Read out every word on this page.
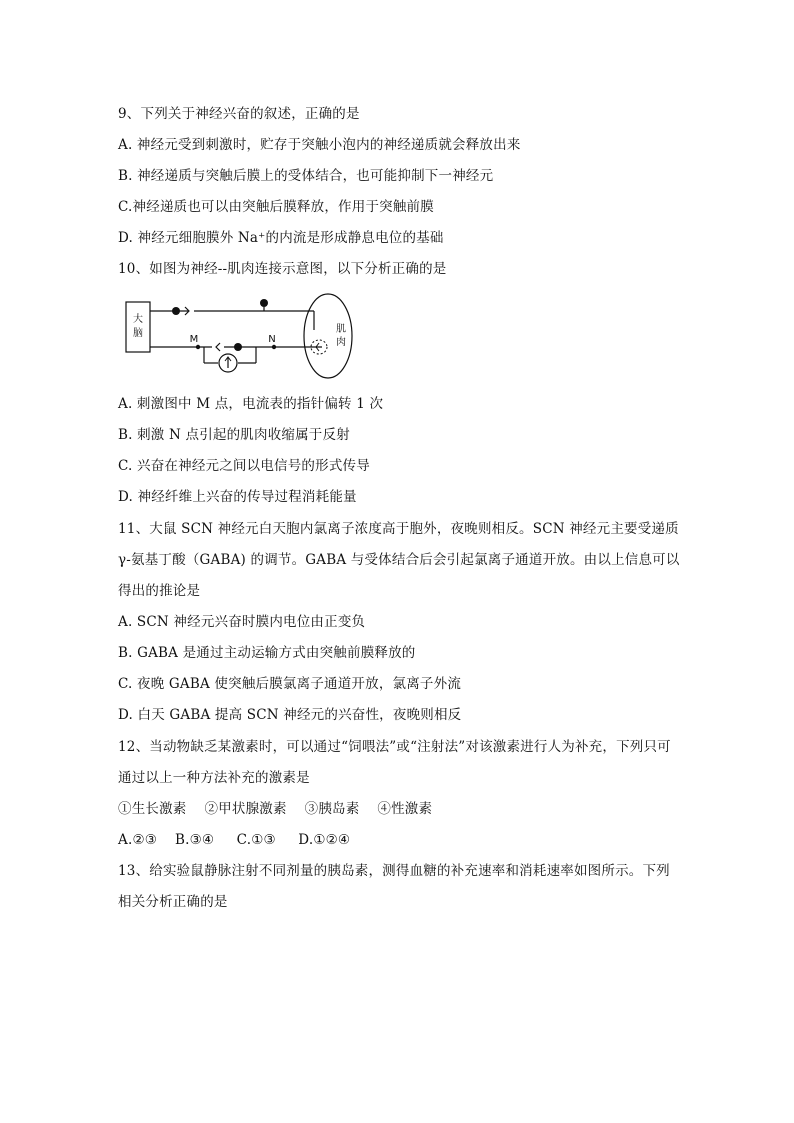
9、下列关于神经兴奋的叙述，正确的是
A. 神经元受到刺激时，贮存于突触小泡内的神经递质就会释放出来
B. 神经递质与突触后膜上的受体结合，也可能抑制下一神经元
C.神经递质也可以由突触后膜释放，作用于突触前膜
D. 神经元细胞膜外 Na⁺的内流是形成静息电位的基础
10、如图为神经--肌肉连接示意图，以下分析正确的是
大
脑
M	N
肌
肉
A. 刺激图中 M 点，电流表的指针偏转 1 次
B. 刺激 N 点引起的肌肉收缩属于反射
C. 兴奋在神经元之间以电信号的形式传导
D. 神经纤维上兴奋的传导过程消耗能量
11、大鼠 SCN 神经元白天胞内氯离子浓度高于胞外，夜晚则相反。SCN 神经元主要受递质
γ-氨基丁酸（GABA) 的调节。GABA 与受体结合后会引起氯离子通道开放。由以上信息可以
得出的推论是
A. SCN 神经元兴奋时膜内电位由正变负
B. GABA 是通过主动运输方式由突触前膜释放的
C. 夜晚 GABA 使突触后膜氯离子通道开放，氯离子外流
D. 白天 GABA 提高 SCN 神经元的兴奋性，夜晚则相反
12、当动物缺乏某激素时，可以通过“饲喂法”或“注射法”对该激素进行人为补充，下列只可
通过以上一种方法补充的激素是
①生长激素    ②甲状腺激素    ③胰岛素    ④性激素
A.②③    B.③④     C.①③     D.①②④
13、给实验鼠静脉注射不同剂量的胰岛素，测得血糖的补充速率和消耗速率如图所示。下列
相关分析正确的是
